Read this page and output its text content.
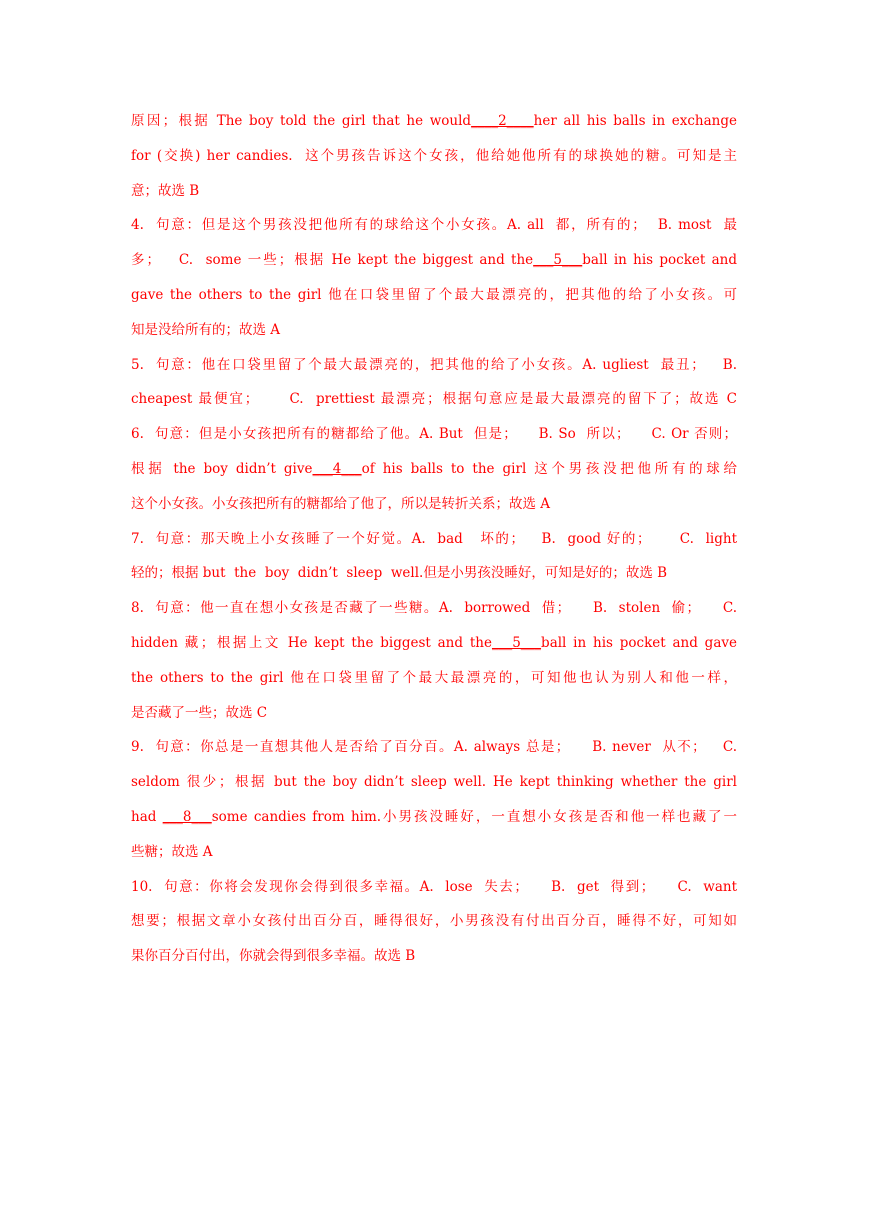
原因；根据 The boy told the girl that he would____2____her all his balls in exchange
for (交换) her candies.  这个男孩告诉这个女孩，他给她他所有的球换她的糖。可知是主
意；故选 B
4.  句意：但是这个男孩没把他所有的球给这个小女孩。A. all  都，所有的；  B. most  最
多；   C.  some 一些；根据 He kept the biggest and the___5___ball in his pocket and
gave the others to the girl 他在口袋里留了个最大最漂亮的，把其他的给了小女孩。可
知是没给所有的；故选 A
5.  句意：他在口袋里留了个最大最漂亮的，把其他的给了小女孩。A. ugliest  最丑；   B.
cheapest 最便宜；     C.  prettiest 最漂亮；根据句意应是最大最漂亮的留下了；故选 C
6.  句意：但是小女孩把所有的糖都给了他。A. But  但是；    B. So  所以；    C. Or 否则；
根据 the boy didn’t give___4___of his balls to the girl 这个男孩没把他所有的球给
这个小女孩。小女孩把所有的糖都给了他了，所以是转折关系；故选 A
7.  句意：那天晚上小女孩睡了一个好觉。A.  bad   坏的；   B.  good 好的；     C.  light
轻的；根据 but  the  boy  didn’t  sleep  well.但是小男孩没睡好，可知是好的；故选 B
8.  句意：他一直在想小女孩是否藏了一些糖。A.  borrowed  借；    B.  stolen  偷；    C.
hidden 藏；根据上文 He kept the biggest and the___5___ball in his pocket and gave
the others to the girl 他在口袋里留了个最大最漂亮的，可知他也认为别人和他一样，
是否藏了一些；故选 C
9.  句意：你总是一直想其他人是否给了百分百。A. always 总是；    B. never  从不；   C.
seldom 很少；根据 but the boy didn’t sleep well. He kept thinking whether the girl
had ___8___some candies from him.小男孩没睡好，一直想小女孩是否和他一样也藏了一
些糖；故选 A
10.  句意：你将会发现你会得到很多幸福。A.  lose  失去；    B.  get  得到；    C.  want
想要；根据文章小女孩付出百分百，睡得很好，小男孩没有付出百分百，睡得不好，可知如
果你百分百付出，你就会得到很多幸福。故选 B
